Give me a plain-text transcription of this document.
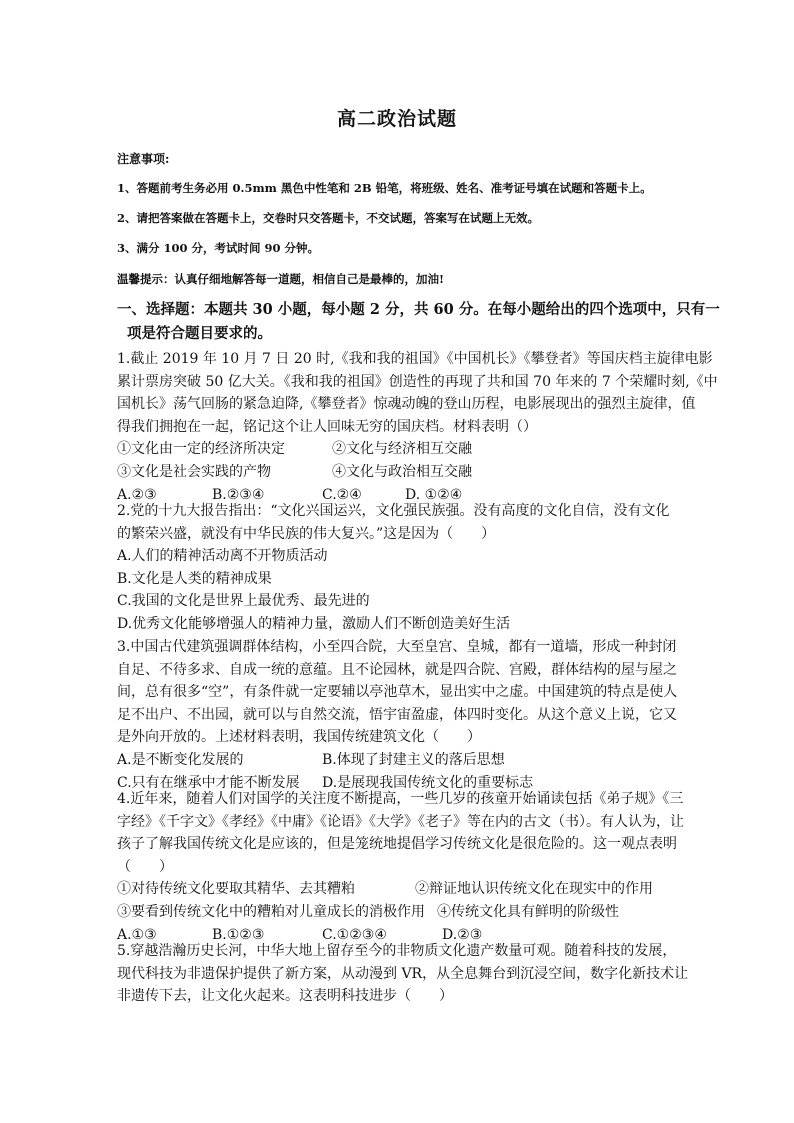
高二政治试题
注意事项:
1、答题前考生务必用 0.5mm 黑色中性笔和 2B 铅笔，将班级、姓名、准考证号填在试题和答题卡上。
2、请把答案做在答题卡上，交卷时只交答题卡，不交试题，答案写在试题上无效。
3、满分 100 分，考试时间 90 分钟。
温馨提示：认真仔细地解答每一道题，相信自己是最棒的，加油!
一、选择题：本题共 30 小题，每小题 2 分，共 60 分。在每小题给出的四个选项中，只有一
项是符合题目要求的。
1.截止 2019 年 10 月 7 日 20 时,《我和我的祖国》《中国机长》《攀登者》等国庆档主旋律电影
累计票房突破 50 亿大关。《我和我的祖国》创造性的再现了共和国 70 年来的 7 个荣耀时刻,《中
国机长》荡气回肠的紧急迫降,《攀登者》惊魂动魄的登山历程，电影展现出的强烈主旋律，值
得我们拥抱在一起，铭记这个让人回味无穷的国庆档。材料表明（）
①文化由一定的经济所决定	②文化与经济相互交融
③文化是社会实践的产物	④文化与政治相互交融
A.②③	B.②③④	C.②④	D. ①②④
2.党的十九大报告指出：“文化兴国运兴，文化强民族强。没有高度的文化自信，没有文化
的繁荣兴盛，就没有中华民族的伟大复兴。”这是因为（　　）
A.人们的精神活动离不开物质活动
B.文化是人类的精神成果
C.我国的文化是世界上最优秀、最先进的
D.优秀文化能够增强人的精神力量，激励人们不断创造美好生活
3.中国古代建筑强调群体结构，小至四合院，大至皇宫、皇城，都有一道墙，形成一种封闭
自足、不待多求、自成一统的意蕴。且不论园林，就是四合院、宫殿，群体结构的屋与屋之
间，总有很多“空”，有条件就一定要辅以亭池草木，显出实中之虚。中国建筑的特点是使人
足不出户、不出园，就可以与自然交流，悟宇宙盈虚，体四时变化。从这个意义上说，它又
是外向开放的。上述材料表明，我国传统建筑文化（　　）
A.是不断变化发展的	B.体现了封建主义的落后思想
C.只有在继承中才能不断发展	D.是展现我国传统文化的重要标志
4.近年来，随着人们对国学的关注度不断提高，一些几岁的孩童开始诵读包括《弟子规》《三
字经》《千字文》《孝经》《中庸》《论语》《大学》《老子》等在内的古文（书）。有人认为，让
孩子了解我国传统文化是应该的，但是笼统地提倡学习传统文化是很危险的。这一观点表明
（　　）
①对待传统文化要取其精华、去其糟粕	②辩证地认识传统文化在现实中的作用
③要看到传统文化中的糟粕对儿童成长的消极作用 ④传统文化具有鲜明的阶级性
A.①③	B.①②③	C.①②③④	D.②③
5.穿越浩瀚历史长河，中华大地上留存至今的非物质文化遗产数量可观。随着科技的发展，
现代科技为非遗保护提供了新方案，从动漫到 VR，从全息舞台到沉浸空间，数字化新技术让
非遗传下去，让文化火起来。这表明科技进步（　　）
